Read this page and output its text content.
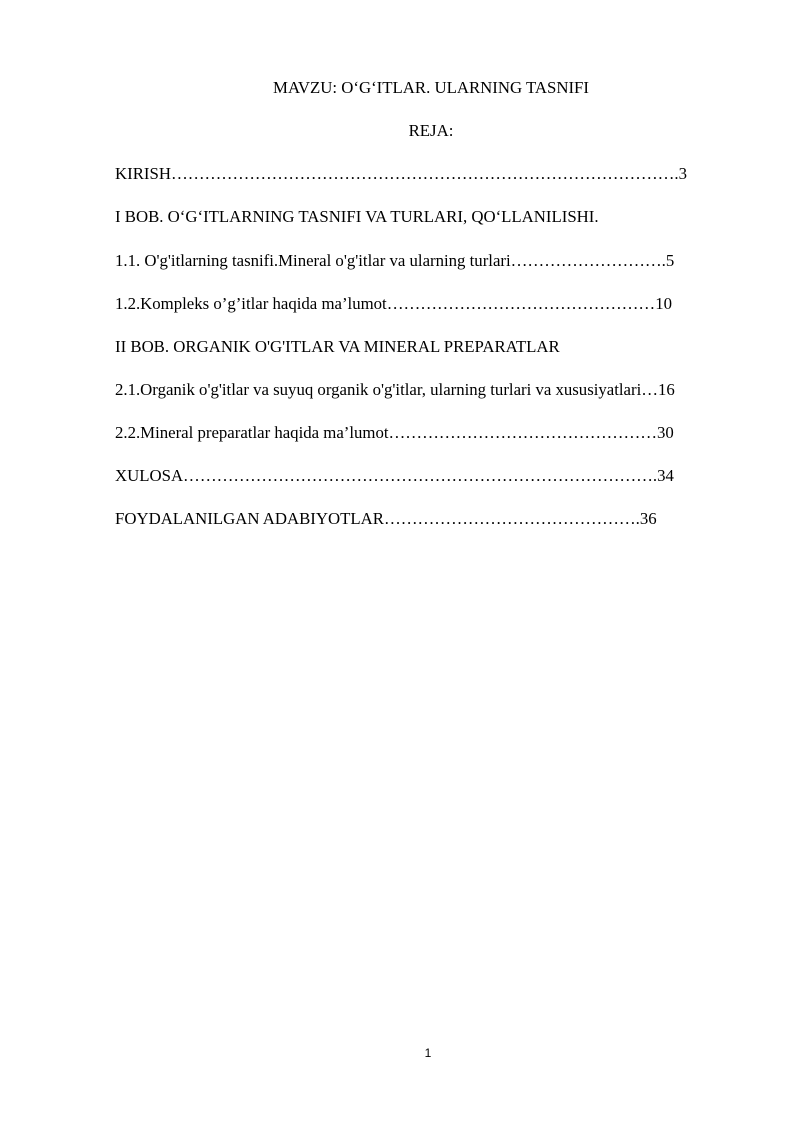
MAVZU: O‘G‘ITLAR. ULARNING TASNIFI
REJA:
KIRISH……………………………………………………………………………….3
I BOB. O‘G‘ITLARNING TASNIFI VA TURLARI, QO‘LLANILISHI.
1.1. O'g'itlarning tasnifi.Mineral o'g'itlar va ularning turlari……………………….5
1.2.Kompleks o’g’itlar haqida ma’lumot…………………………………………10
II BOB. ORGANIK O'G'ITLAR VA MINERAL PREPARATLAR
2.1.Organik o'g'itlar va suyuq organik o'g'itlar, ularning turlari va xususiyatlari…16
2.2.Mineral preparatlar haqida ma’lumot…………………………………………30
XULOSA………………………………………………………………………….34
FOYDALANILGAN ADABIYOTLAR……………………………………….36
1
